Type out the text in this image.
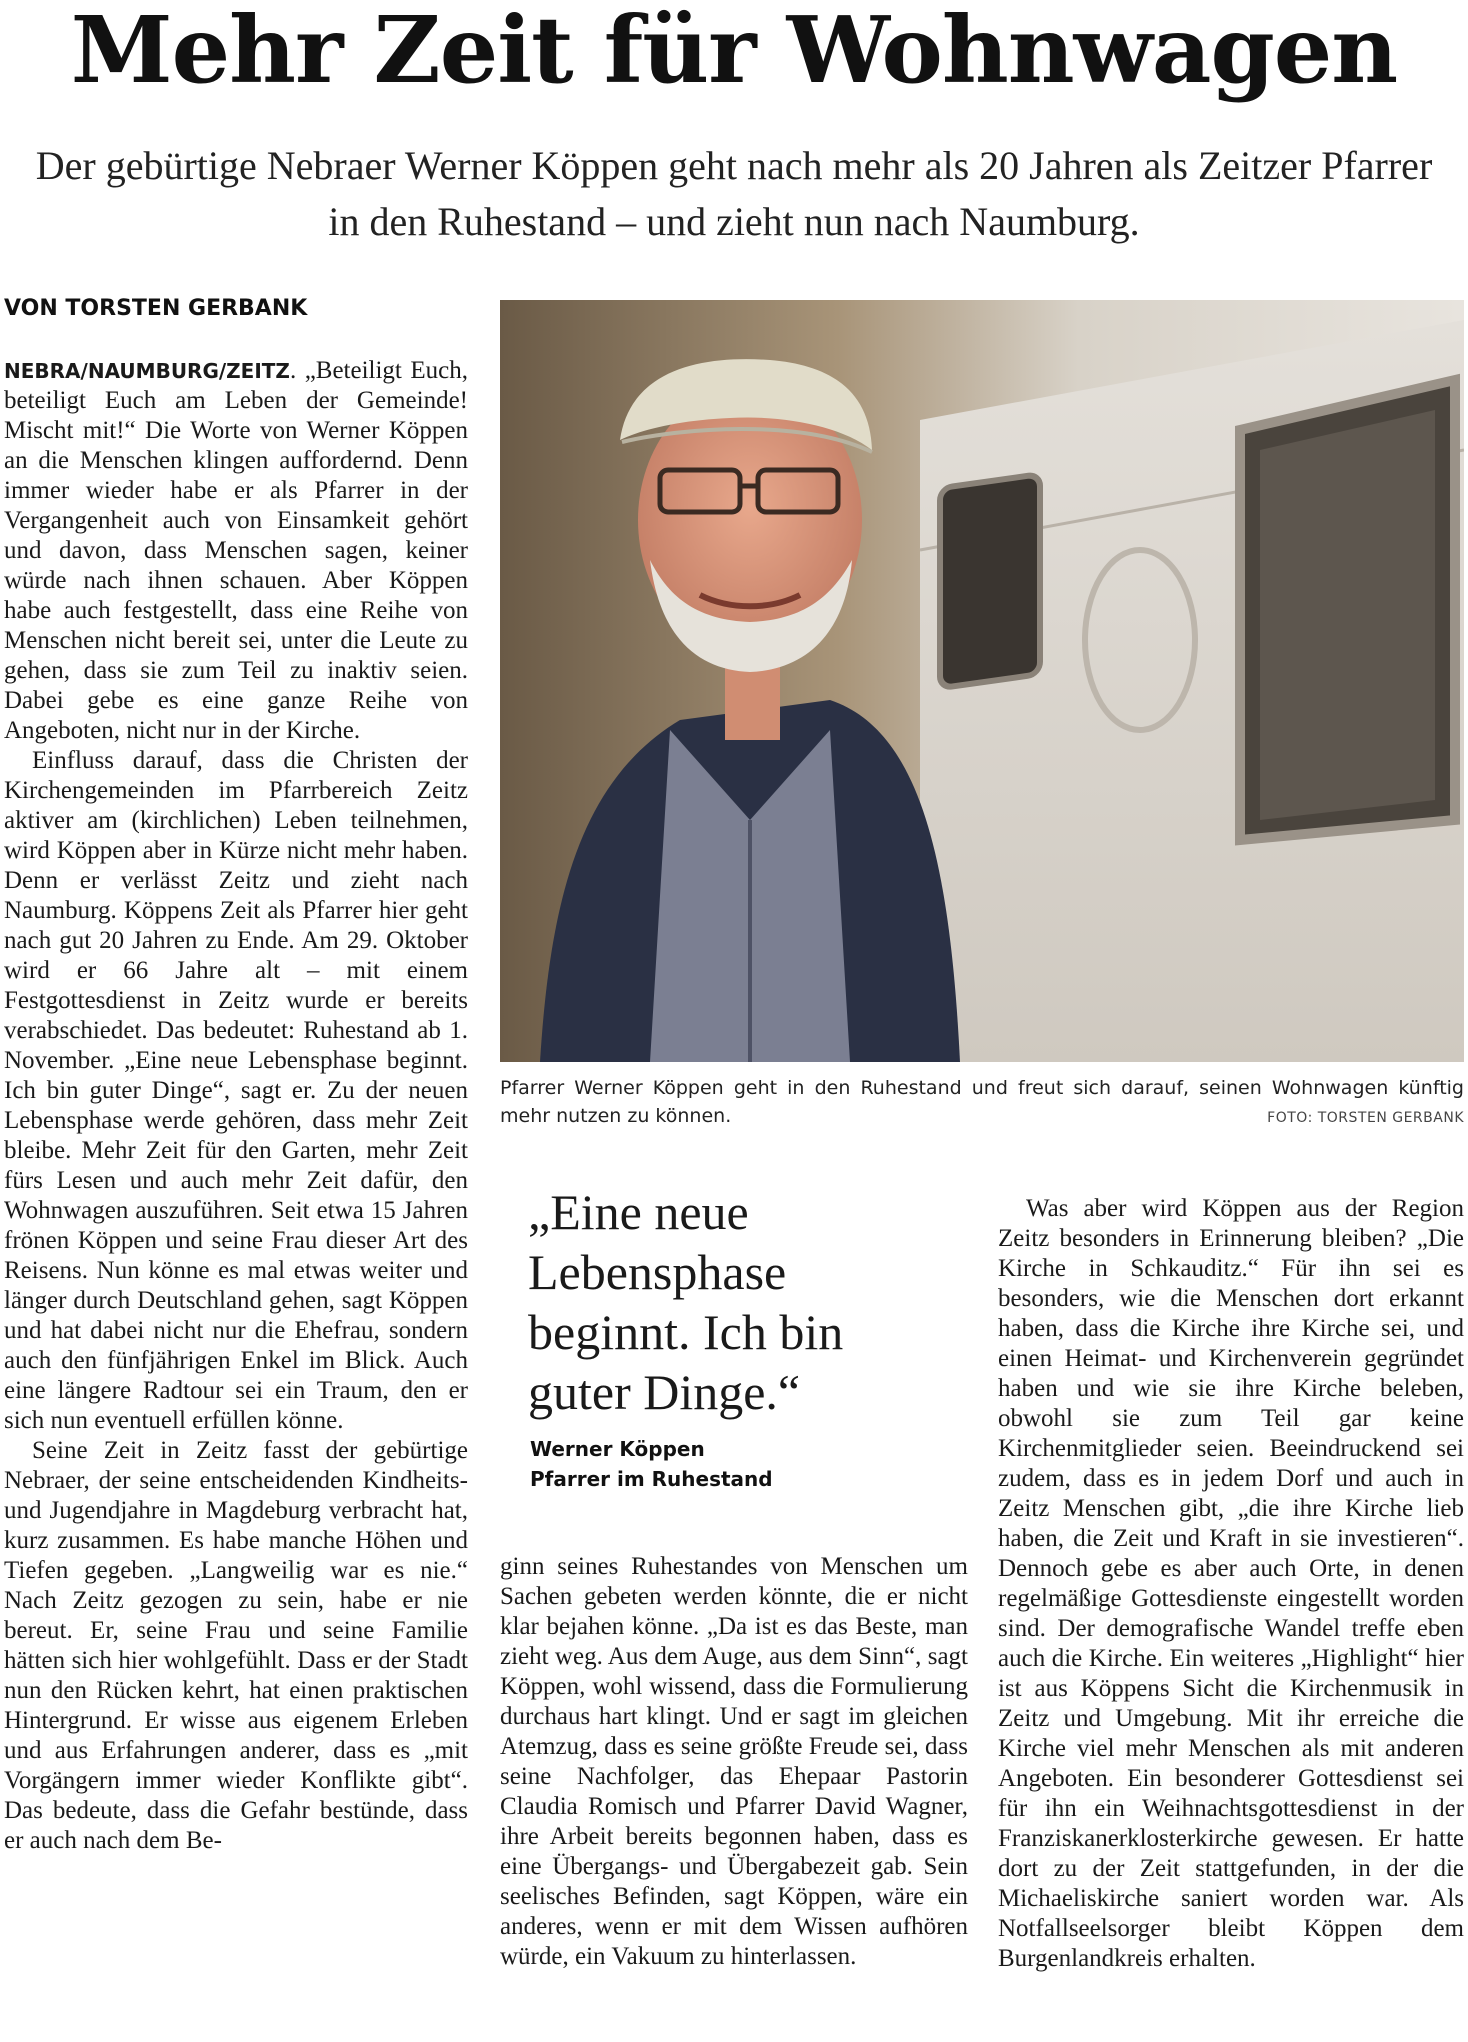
Mehr Zeit für Wohnwagen

Der gebürtige Nebraer Werner Köppen geht nach mehr als 20 Jahren als Zeitzer Pfarrer in den Ruhestand – und zieht nun nach Naumburg.

VON TORSTEN GERBANK

NEBRA/NAUMBURG/ZEITZ. „Beteiligt Euch, beteiligt Euch am Leben der Gemeinde! Mischt mit!“ Die Worte von Werner Köppen an die Menschen klingen auffordernd. Denn immer wieder habe er als Pfarrer in der Vergangenheit auch von Einsamkeit gehört und davon, dass Menschen sagen, keiner würde nach ihnen schauen. Aber Köppen habe auch festgestellt, dass eine Reihe von Menschen nicht bereit sei, unter die Leute zu gehen, dass sie zum Teil zu inaktiv seien. Dabei gebe es eine ganze Reihe von Angeboten, nicht nur in der Kirche.

Einfluss darauf, dass die Christen der Kirchengemeinden im Pfarrbereich Zeitz aktiver am (kirchlichen) Leben teilnehmen, wird Köppen aber in Kürze nicht mehr haben. Denn er verlässt Zeitz und zieht nach Naumburg. Köppens Zeit als Pfarrer hier geht nach gut 20 Jahren zu Ende. Am 29. Oktober wird er 66 Jahre alt – mit einem Festgottesdienst in Zeitz wurde er bereits verabschiedet. Das bedeutet: Ruhestand ab 1. November. „Eine neue Lebensphase beginnt. Ich bin guter Dinge“, sagt er. Zu der neuen Lebensphase werde gehören, dass mehr Zeit bleibe. Mehr Zeit für den Garten, mehr Zeit fürs Lesen und auch mehr Zeit dafür, den Wohnwagen auszuführen. Seit etwa 15 Jahren frönen Köppen und seine Frau dieser Art des Reisens. Nun könne es mal etwas weiter und länger durch Deutschland gehen, sagt Köppen und hat dabei nicht nur die Ehefrau, sondern auch den fünfjährigen Enkel im Blick. Auch eine längere Radtour sei ein Traum, den er sich nun eventuell erfüllen könne.

Seine Zeit in Zeitz fasst der gebürtige Nebraer, der seine entscheidenden Kindheits- und Jugendjahre in Magdeburg verbracht hat, kurz zusammen. Es habe manche Höhen und Tiefen gegeben. „Langweilig war es nie.“ Nach Zeitz gezogen zu sein, habe er nie bereut. Er, seine Frau und seine Familie hätten sich hier wohlgefühlt. Dass er der Stadt nun den Rücken kehrt, hat einen praktischen Hintergrund. Er wisse aus eigenem Erleben und aus Erfahrungen anderer, dass es „mit Vorgängern immer wieder Konflikte gibt“. Das bedeute, dass die Gefahr bestünde, dass er auch nach dem Be-

Pfarrer Werner Köppen geht in den Ruhestand und freut sich darauf, seinen Wohnwagen künftig mehr nutzen zu können.	FOTO: TORSTEN GERBANK
„Eine neue Lebensphase beginnt. Ich bin guter Dinge.“
Werner Köppen
Pfarrer im Ruhestand

ginn seines Ruhestandes von Menschen um Sachen gebeten werden könnte, die er nicht klar bejahen könne. „Da ist es das Beste, man zieht weg. Aus dem Auge, aus dem Sinn“, sagt Köppen, wohl wissend, dass die Formulierung durchaus hart klingt. Und er sagt im gleichen Atemzug, dass es seine größte Freude sei, dass seine Nachfolger, das Ehepaar Pastorin Claudia Romisch und Pfarrer David Wagner, ihre Arbeit bereits begonnen haben, dass es eine Übergangs- und Übergabezeit gab. Sein seelisches Befinden, sagt Köppen, wäre ein anderes, wenn er mit dem Wissen aufhören würde, ein Vakuum zu hinterlassen.

Was aber wird Köppen aus der Region Zeitz besonders in Erinnerung bleiben? „Die Kirche in Schkauditz.“ Für ihn sei es besonders, wie die Menschen dort erkannt haben, dass die Kirche ihre Kirche sei, und einen Heimat- und Kirchenverein gegründet haben und wie sie ihre Kirche beleben, obwohl sie zum Teil gar keine Kirchenmitglieder seien. Beeindruckend sei zudem, dass es in jedem Dorf und auch in Zeitz Menschen gibt, „die ihre Kirche lieb haben, die Zeit und Kraft in sie investieren“. Dennoch gebe es aber auch Orte, in denen regelmäßige Gottesdienste eingestellt worden sind. Der demografische Wandel treffe eben auch die Kirche. Ein weiteres „Highlight“ hier ist aus Köppens Sicht die Kirchenmusik in Zeitz und Umgebung. Mit ihr erreiche die Kirche viel mehr Menschen als mit anderen Angeboten. Ein besonderer Gottesdienst sei für ihn ein Weihnachtsgottesdienst in der Franziskanerklosterkirche gewesen. Er hatte dort zu der Zeit stattgefunden, in der die Michaeliskirche saniert worden war. Als Notfallseelsorger bleibt Köppen dem Burgenlandkreis erhalten.
